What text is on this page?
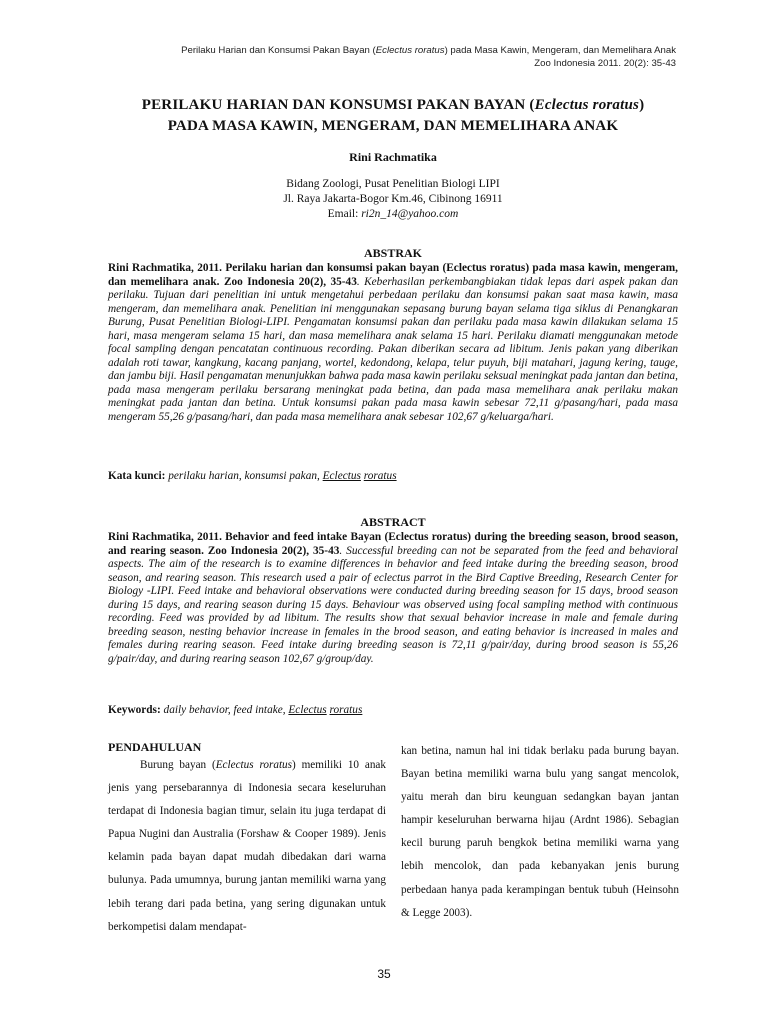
Perilaku Harian dan Konsumsi Pakan Bayan (Eclectus roratus) pada Masa Kawin, Mengeram, dan Memelihara Anak
Zoo Indonesia 2011. 20(2): 35-43
PERILAKU HARIAN DAN KONSUMSI PAKAN BAYAN (Eclectus roratus)
PADA MASA KAWIN, MENGERAM, DAN MEMELIHARA ANAK
Rini Rachmatika
Bidang Zoologi, Pusat Penelitian Biologi LIPI
Jl. Raya Jakarta-Bogor Km.46, Cibinong 16911
Email: ri2n_14@yahoo.com
ABSTRAK
Rini Rachmatika, 2011. Perilaku harian dan konsumsi pakan bayan (Eclectus roratus) pada masa kawin, mengeram, dan memelihara anak. Zoo Indonesia 20(2), 35-43. Keberhasilan perkembangbiakan tidak lepas dari aspek pakan dan perilaku. Tujuan dari penelitian ini untuk mengetahui perbedaan perilaku dan konsumsi pakan saat masa kawin, masa mengeram, dan memelihara anak. Penelitian ini menggunakan sepasang burung bayan selama tiga siklus di Penangkaran Burung, Pusat Penelitian Biologi-LIPI. Pengamatan konsumsi pakan dan perilaku pada masa kawin dilakukan selama 15 hari, masa mengeram selama 15 hari, dan masa memelihara anak selama 15 hari. Perilaku diamati menggunakan metode focal sampling dengan pencatatan continuous recording. Pakan diberikan secara ad libitum. Jenis pakan yang diberikan adalah roti tawar, kangkung, kacang panjang, wortel, kedondong, kelapa, telur puyuh, biji matahari, jagung kering, tauge, dan jambu biji. Hasil pengamatan menunjukkan bahwa pada masa kawin perilaku seksual meningkat pada jantan dan betina, pada masa mengeram perilaku bersarang meningkat pada betina, dan pada masa memelihara anak perilaku makan meningkat pada jantan dan betina. Untuk konsumsi pakan pada masa kawin sebesar 72,11 g/pasang/hari, pada masa mengeram 55,26 g/pasang/hari, dan pada masa memelihara anak sebesar 102,67 g/keluarga/hari.
Kata kunci: perilaku harian, konsumsi pakan, Eclectus roratus
ABSTRACT
Rini Rachmatika, 2011. Behavior and feed intake Bayan (Eclectus roratus) during the breeding season, brood season, and rearing season. Zoo Indonesia 20(2), 35-43. Successful breeding can not be separated from the feed and behavioral aspects. The aim of the research is to examine differences in behavior and feed intake during the breeding season, brood season, and rearing season. This research used a pair of eclectus parrot in the Bird Captive Breeding, Research Center for Biology -LIPI. Feed intake and behavioral observations were conducted during breeding season for 15 days, brood season during 15 days, and rearing season during 15 days. Behaviour was observed using focal sampling method with continuous recording. Feed was provided by ad libitum. The results show that sexual behavior increase in male and female during breeding season, nesting behavior increase in females in the brood season, and eating behavior is increased in males and females during rearing season. Feed intake during breeding season is 72,11 g/pair/day, during brood season is 55,26 g/pair/day, and during rearing season 102,67 g/group/day.
Keywords: daily behavior, feed intake, Eclectus roratus
PENDAHULUAN
Burung bayan (Eclectus roratus) memiliki 10 anak jenis yang persebarannya di Indonesia secara keseluruhan terdapat di Indonesia bagian timur, selain itu juga terdapat di Papua Nugini dan Australia (Forshaw & Cooper 1989). Jenis kelamin pada bayan dapat mudah dibedakan dari warna bulunya. Pada umumnya, burung jantan memiliki warna yang lebih terang dari pada betina, yang sering digunakan untuk berkompetisi dalam mendapat-
kan betina, namun hal ini tidak berlaku pada burung bayan. Bayan betina memiliki warna bulu yang sangat mencolok, yaitu merah dan biru keunguan sedangkan bayan jantan hampir keseluruhan berwarna hijau (Ardnt 1986). Sebagian kecil burung paruh bengkok betina memiliki warna yang lebih mencolok, dan pada kebanyakan jenis burung perbedaan hanya pada kerampingan bentuk tubuh (Heinsohn & Legge 2003).
35
